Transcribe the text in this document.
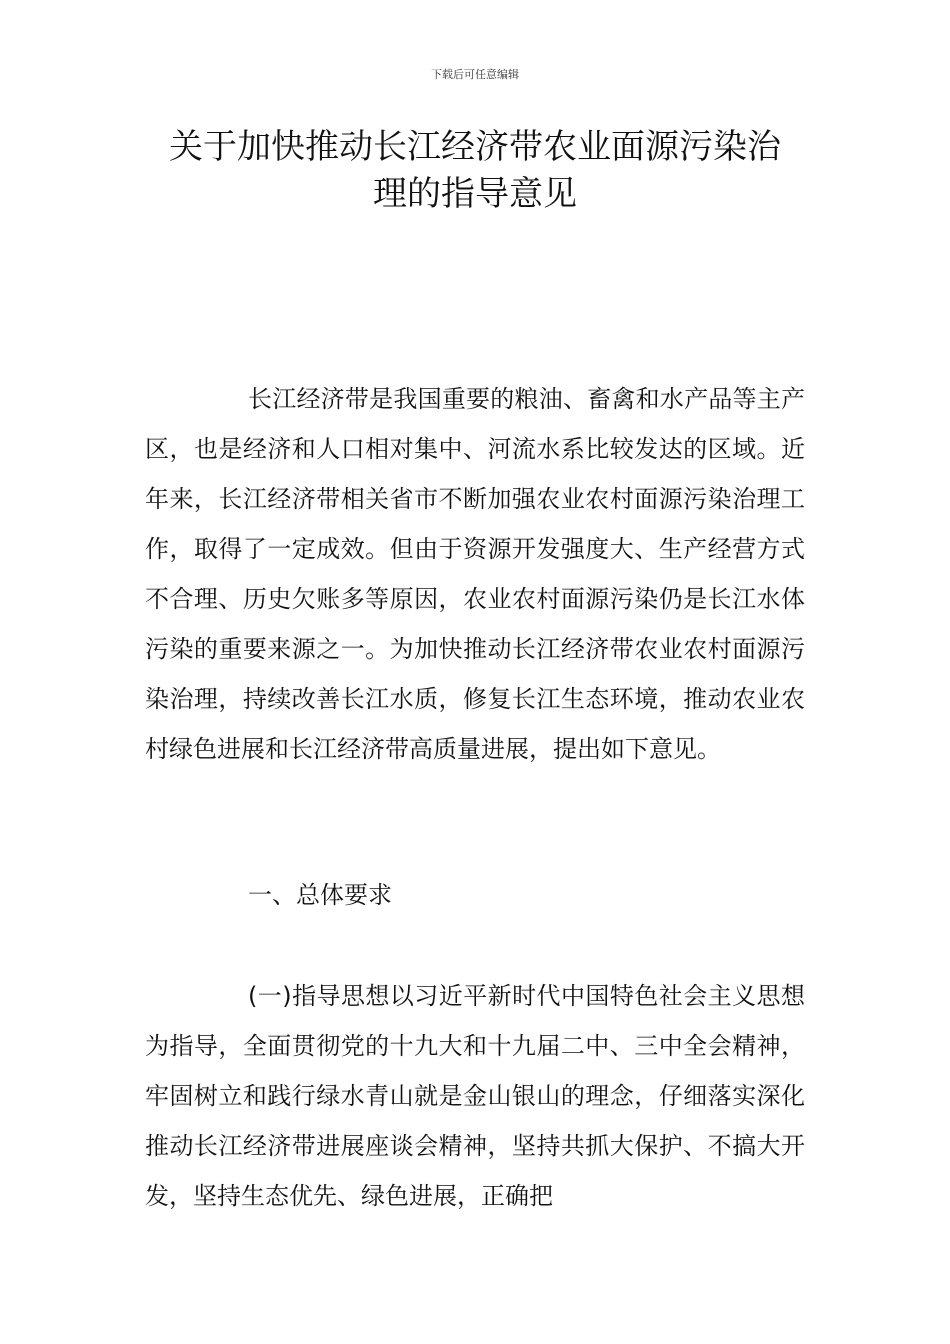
下载后可任意编辑
关于加快推动长江经济带农业面源污染治
理的指导意见

长江经济带是我国重要的粮油、畜禽和水产品等主产区，也是经济和人口相对集中、河流水系比较发达的区域。近年来，长江经济带相关省市不断加强农业农村面源污染治理工作，取得了一定成效。但由于资源开发强度大、生产经营方式不合理、历史欠账多等原因，农业农村面源污染仍是长江水体污染的重要来源之一。为加快推动长江经济带农业农村面源污染治理，持续改善长江水质，修复长江生态环境，推动农业农村绿色进展和长江经济带高质量进展，提出如下意见。

一、总体要求

(一)指导思想以习近平新时代中国特色社会主义思想为指导，全面贯彻党的十九大和十九届二中、三中全会精神，牢固树立和践行绿水青山就是金山银山的理念，仔细落实深化推动长江经济带进展座谈会精神，坚持共抓大保护、不搞大开发，坚持生态优先、绿色进展，正确把
